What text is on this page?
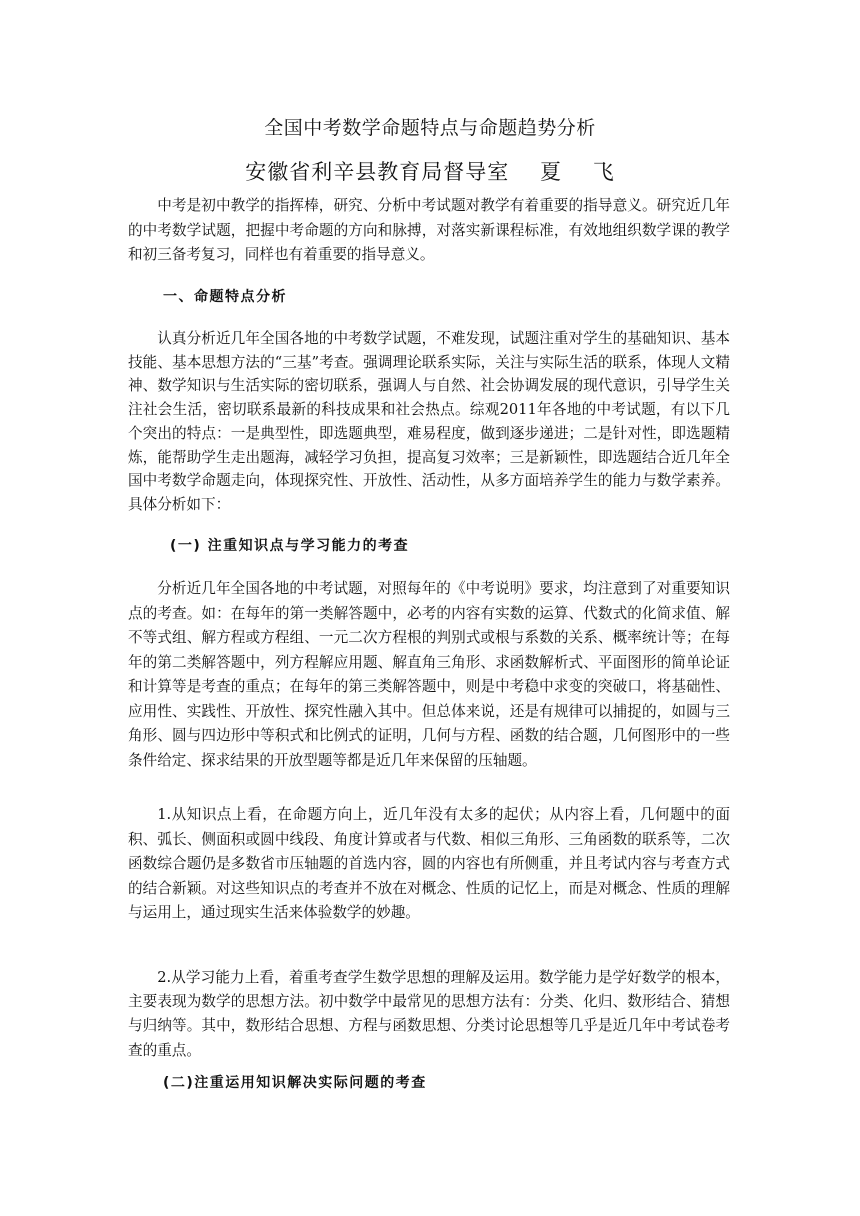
全国中考数学命题特点与命题趋势分析
安徽省利辛县教育局督导室    夏    飞

中考是初中教学的指挥棒，研究、分析中考试题对教学有着重要的指导意义。研究近几年的中考数学试题，把握中考命题的方向和脉搏，对落实新课程标准，有效地组织数学课的教学和初三备考复习，同样也有着重要的指导意义。

一、命题特点分析

认真分析近几年全国各地的中考数学试题，不难发现，试题注重对学生的基础知识、基本技能、基本思想方法的“三基”考查。强调理论联系实际，关注与实际生活的联系，体现人文精神、数学知识与生活实际的密切联系，强调人与自然、社会协调发展的现代意识，引导学生关注社会生活，密切联系最新的科技成果和社会热点。综观2011年各地的中考试题，有以下几个突出的特点：一是典型性，即选题典型，难易程度，做到逐步递进；二是针对性，即选题精炼，能帮助学生走出题海，减轻学习负担，提高复习效率；三是新颖性，即选题结合近几年全国中考数学命题走向，体现探究性、开放性、活动性，从多方面培养学生的能力与数学素养。具体分析如下：

(一) 注重知识点与学习能力的考查

分析近几年全国各地的中考试题，对照每年的《中考说明》要求，均注意到了对重要知识点的考查。如：在每年的第一类解答题中，必考的内容有实数的运算、代数式的化简求值、解不等式组、解方程或方程组、一元二次方程根的判别式或根与系数的关系、概率统计等；在每年的第二类解答题中，列方程解应用题、解直角三角形、求函数解析式、平面图形的简单论证和计算等是考查的重点；在每年的第三类解答题中，则是中考稳中求变的突破口，将基础性、应用性、实践性、开放性、探究性融入其中。但总体来说，还是有规律可以捕捉的，如圆与三角形、圆与四边形中等积式和比例式的证明，几何与方程、函数的结合题，几何图形中的一些条件给定、探求结果的开放型题等都是近几年来保留的压轴题。

1.从知识点上看，在命题方向上，近几年没有太多的起伏；从内容上看，几何题中的面积、弧长、侧面积或圆中线段、角度计算或者与代数、相似三角形、三角函数的联系等，二次函数综合题仍是多数省市压轴题的首选内容，圆的内容也有所侧重，并且考试内容与考查方式的结合新颖。对这些知识点的考查并不放在对概念、性质的记忆上，而是对概念、性质的理解与运用上，通过现实生活来体验数学的妙趣。

2.从学习能力上看，着重考查学生数学思想的理解及运用。数学能力是学好数学的根本，主要表现为数学的思想方法。初中数学中最常见的思想方法有：分类、化归、数形结合、猜想与归纳等。其中，数形结合思想、方程与函数思想、分类讨论思想等几乎是近几年中考试卷考查的重点。

(二)注重运用知识解决实际问题的考查
